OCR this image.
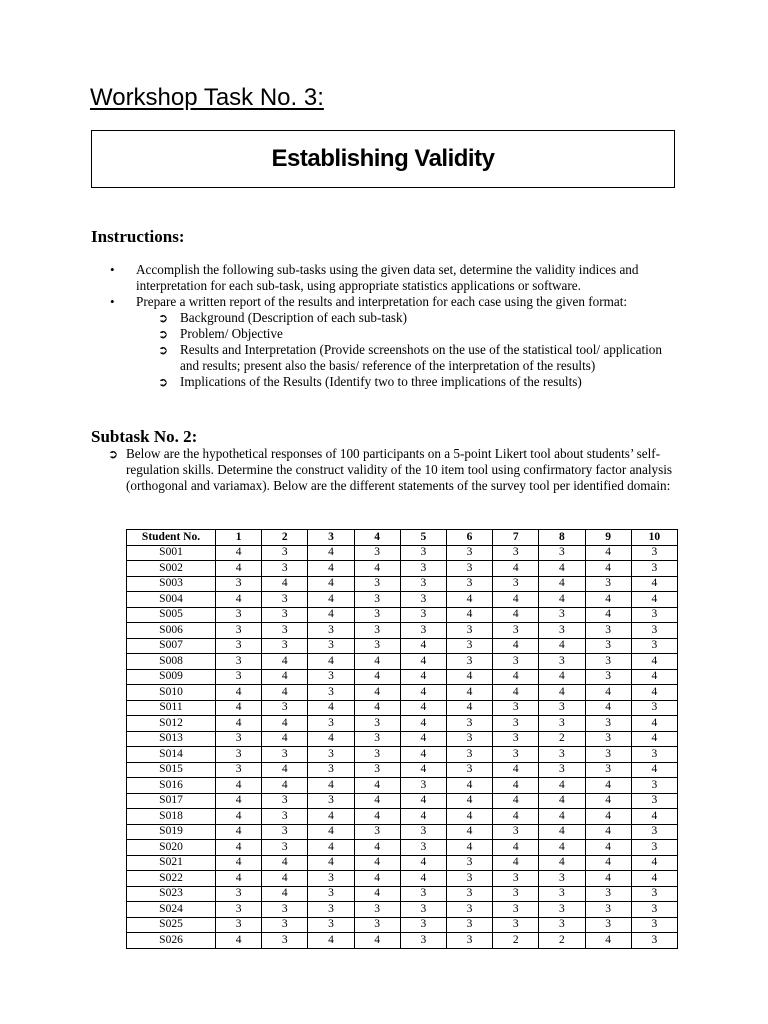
Workshop Task No. 3:
Establishing Validity
Instructions:
• Accomplish the following sub-tasks using the given data set, determine the validity indices and interpretation for each sub-task, using appropriate statistics applications or software.
• Prepare a written report of the results and interpretation for each case using the given format:
➲ Background (Description of each sub-task)
➲ Problem/ Objective
➲ Results and Interpretation (Provide screenshots on the use of the statistical tool/ application and results; present also the basis/ reference of the interpretation of the results)
➲ Implications of the Results (Identify two to three implications of the results)
Subtask No. 2:
➲ Below are the hypothetical responses of 100 participants on a 5-point Likert tool about students’ self-regulation skills. Determine the construct validity of the 10 item tool using confirmatory factor analysis (orthogonal and variamax). Below are the different statements of the survey tool per identified domain:
Student No.	1	2	3	4	5	6	7	8	9	10
S001	4	3	4	3	3	3	3	3	4	3
S002	4	3	4	4	3	3	4	4	4	3
S003	3	4	4	3	3	3	3	4	3	4
S004	4	3	4	3	3	4	4	4	4	4
S005	3	3	4	3	3	4	4	3	4	3
S006	3	3	3	3	3	3	3	3	3	3
S007	3	3	3	3	4	3	4	4	3	3
S008	3	4	4	4	4	3	3	3	3	4
S009	3	4	3	4	4	4	4	4	3	4
S010	4	4	3	4	4	4	4	4	4	4
S011	4	3	4	4	4	4	3	3	4	3
S012	4	4	3	3	4	3	3	3	3	4
S013	3	4	4	3	4	3	3	2	3	4
S014	3	3	3	3	4	3	3	3	3	3
S015	3	4	3	3	4	3	4	3	3	4
S016	4	4	4	4	3	4	4	4	4	3
S017	4	3	3	4	4	4	4	4	4	3
S018	4	3	4	4	4	4	4	4	4	4
S019	4	3	4	3	3	4	3	4	4	3
S020	4	3	4	4	3	4	4	4	4	3
S021	4	4	4	4	4	3	4	4	4	4
S022	4	4	3	4	4	3	3	3	4	4
S023	3	4	3	4	3	3	3	3	3	3
S024	3	3	3	3	3	3	3	3	3	3
S025	3	3	3	3	3	3	3	3	3	3
S026	4	3	4	4	3	3	2	2	4	3
